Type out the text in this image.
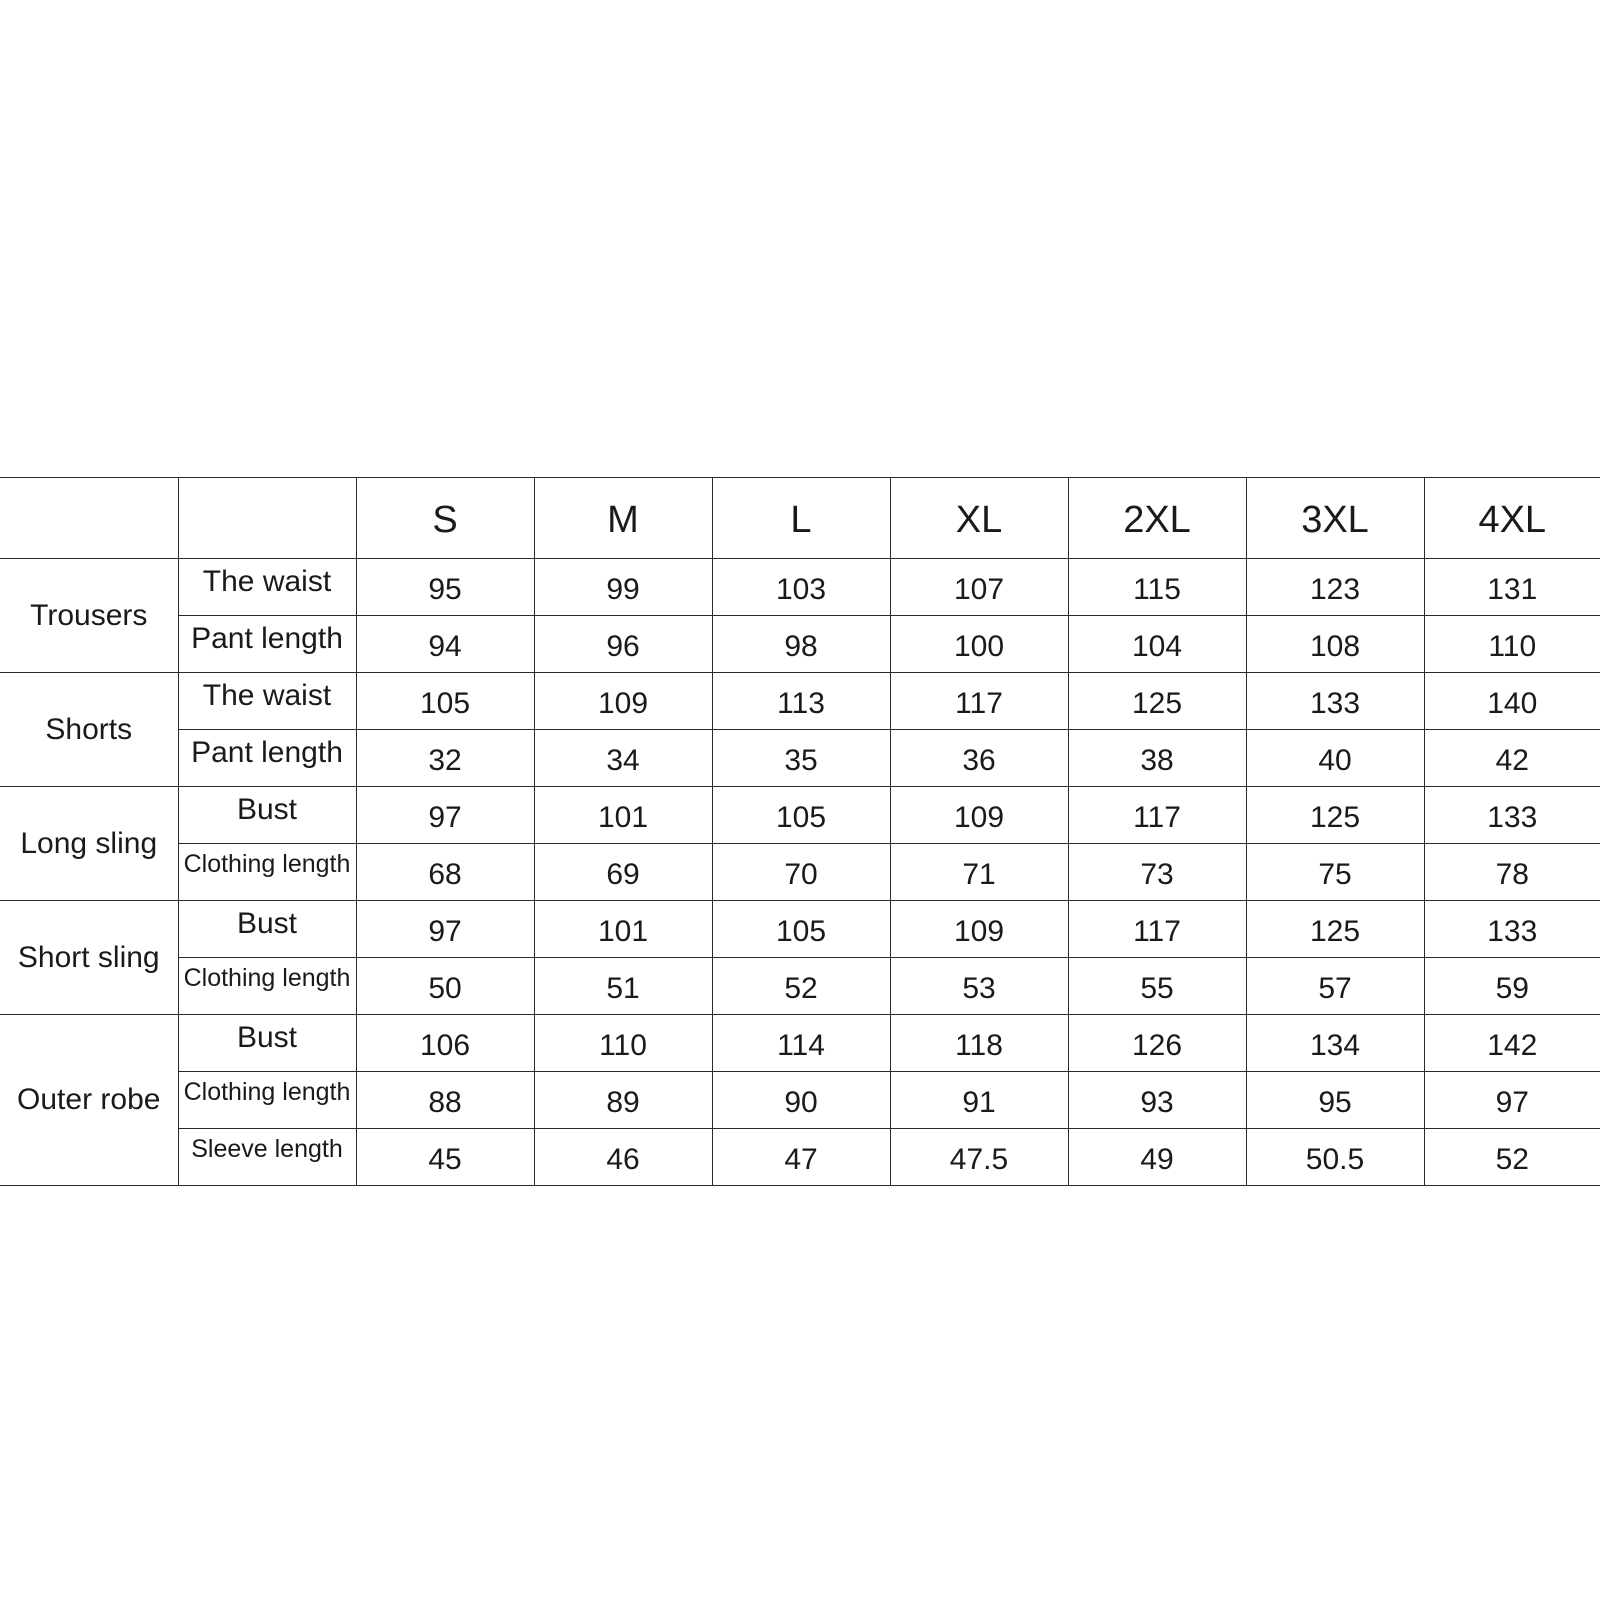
		S	M	L	XL	2XL	3XL	4XL
Trousers	The waist	95	99	103	107	115	123	131
	Pant length	94	96	98	100	104	108	110
Shorts	The waist	105	109	113	117	125	133	140
	Pant length	32	34	35	36	38	40	42
Long sling	Bust	97	101	105	109	117	125	133
	Clothing length	68	69	70	71	73	75	78
Short sling	Bust	97	101	105	109	117	125	133
	Clothing length	50	51	52	53	55	57	59
Outer robe	Bust	106	110	114	118	126	134	142
	Clothing length	88	89	90	91	93	95	97
	Sleeve length	45	46	47	47.5	49	50.5	52
